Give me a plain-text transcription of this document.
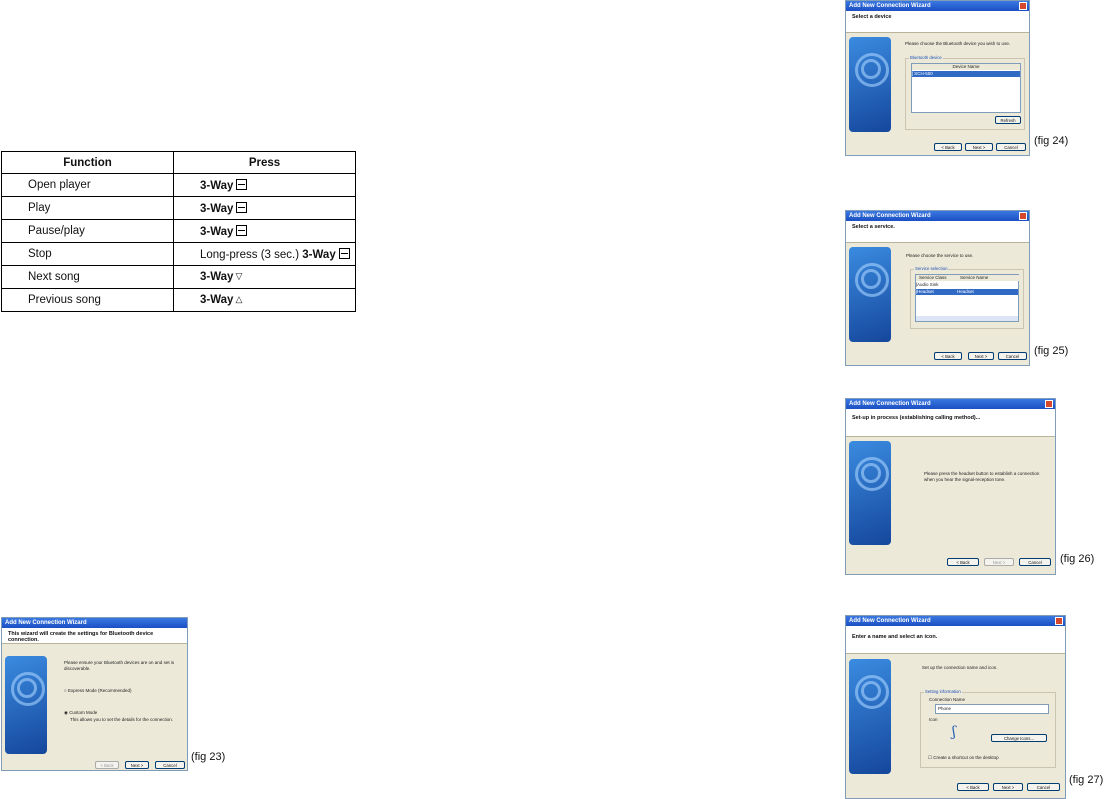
Function	Press
Open player	3-Way
Play	3-Way
Pause/play	3-Way
Stop	Long-press (3 sec.) 3-Way
Next song	3-Way ▽
Previous song	3-Way △
Add New Connection Wizard
This wizard will create the settings for Bluetooth device connection.
Please ensure your Bluetooth devices are on and set is discoverable.
○ Express Mode (Recommended)
◉ Custom Mode
This allows you to set the details for the connection.
< Back	Next >	Cancel
(fig 23)
Add New Connection Wizard
Select a device
Please choose the Bluetooth device you wish to use.
Bluetooth device
Device Name
ʃ SCH-550
Refresh
< Back	Next >	Cancel
(fig 24)
Add New Connection Wizard
Select a service.
Please choose the service to use.
Service selection
Service Class	Service Name
ʃAudio Sink
ʃHeadset	Headset
< Back	Next >	Cancel	(fig 25)
Add New Connection Wizard
Set-up in process (establishing calling method)...
Please press the headset button to establish a connection when you hear the signal-reception tone.
< Back	Next >	Cancel	(fig 26)
Add New Connection Wizard
Enter a name and select an icon.
Set up the connection name and icon.
Setting information
Connection Name
Phone
Icon
ʃ	Change Icons...
☐ Create a shortcut on the desktop
< Back	Next >	Cancel
(fig 27)
